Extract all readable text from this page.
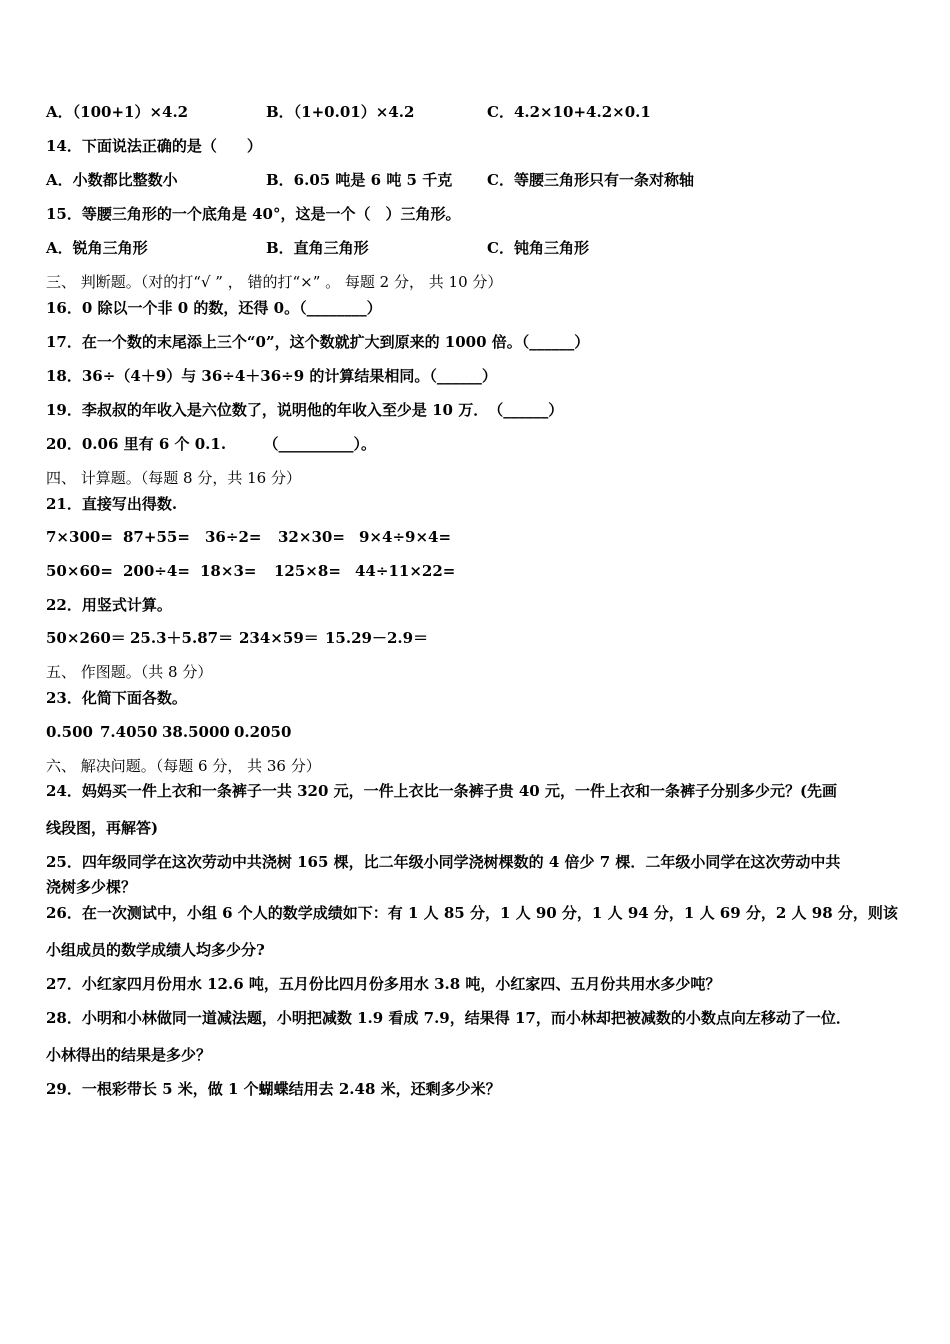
A．（100+1）×4.2	B．（1+0.01）×4.2	C．4.2×10+4.2×0.1
14．下面说法正确的是（　　）
A．小数都比整数小	B．6.05 吨是 6 吨 5 千克 C．等腰三角形只有一条对称轴
15．等腰三角形的一个底角是 40°，这是一个（　）三角形。
A．锐角三角形	B．直角三角形	C．钝角三角形
三、 判断题。（对的打“√ ” ， 错的打“×” 。 每题 2 分， 共 10 分）
16．0 除以一个非 0 的数，还得 0。（________）
17．在一个数的末尾添上三个“0”，这个数就扩大到原来的 1000 倍。（______）
18．36÷（4＋9）与 36÷4＋36÷9 的计算结果相同。（______）
19．李叔叔的年收入是六位数了，说明他的年收入至少是 10 万．　（______）
20．0.06 里有 6 个 0.1.　　　（__________）。
四、 计算题。（每题 8 分，共 16 分）
21．直接写出得数.
7×300= 87+55= 36÷2= 32×30= 9×4÷9×4=
50×60= 200÷4= 18×3= 125×8= 44÷11×22=
22．用竖式计算。
50×260＝ 25.3＋5.87＝ 234×59＝ 15.29－2.9＝
五、 作图题。（共 8 分）
23．化简下面各数。
0.500 7.4050 38.5000 0.2050
六、 解决问题。（每题 6 分， 共 36 分）
24．妈妈买一件上衣和一条裤子一共 320 元，一件上衣比一条裤子贵 40 元，一件上衣和一条裤子分别多少元？(先画
线段图，再解答)
25．四年级同学在这次劳动中共浇树 165 棵，比二年级小同学浇树棵数的 4 倍少 7 棵．二年级小同学在这次劳动中共
浇树多少棵？
26．在一次测试中，小组 6 个人的数学成绩如下：有 1 人 85 分，1 人 90 分，1 人 94 分，1 人 69 分，2 人 98 分，则该
小组成员的数学成绩人均多少分?
27．小红家四月份用水 12.6 吨，五月份比四月份多用水 3.8 吨，小红家四、五月份共用水多少吨？
28．小明和小林做同一道减法题，小明把减数 1.9 看成 7.9，结果得 17，而小林却把被减数的小数点向左移动了一位．
小林得出的结果是多少？
29．一根彩带长 5 米，做 1 个蝴蝶结用去 2.48 米，还剩多少米？
